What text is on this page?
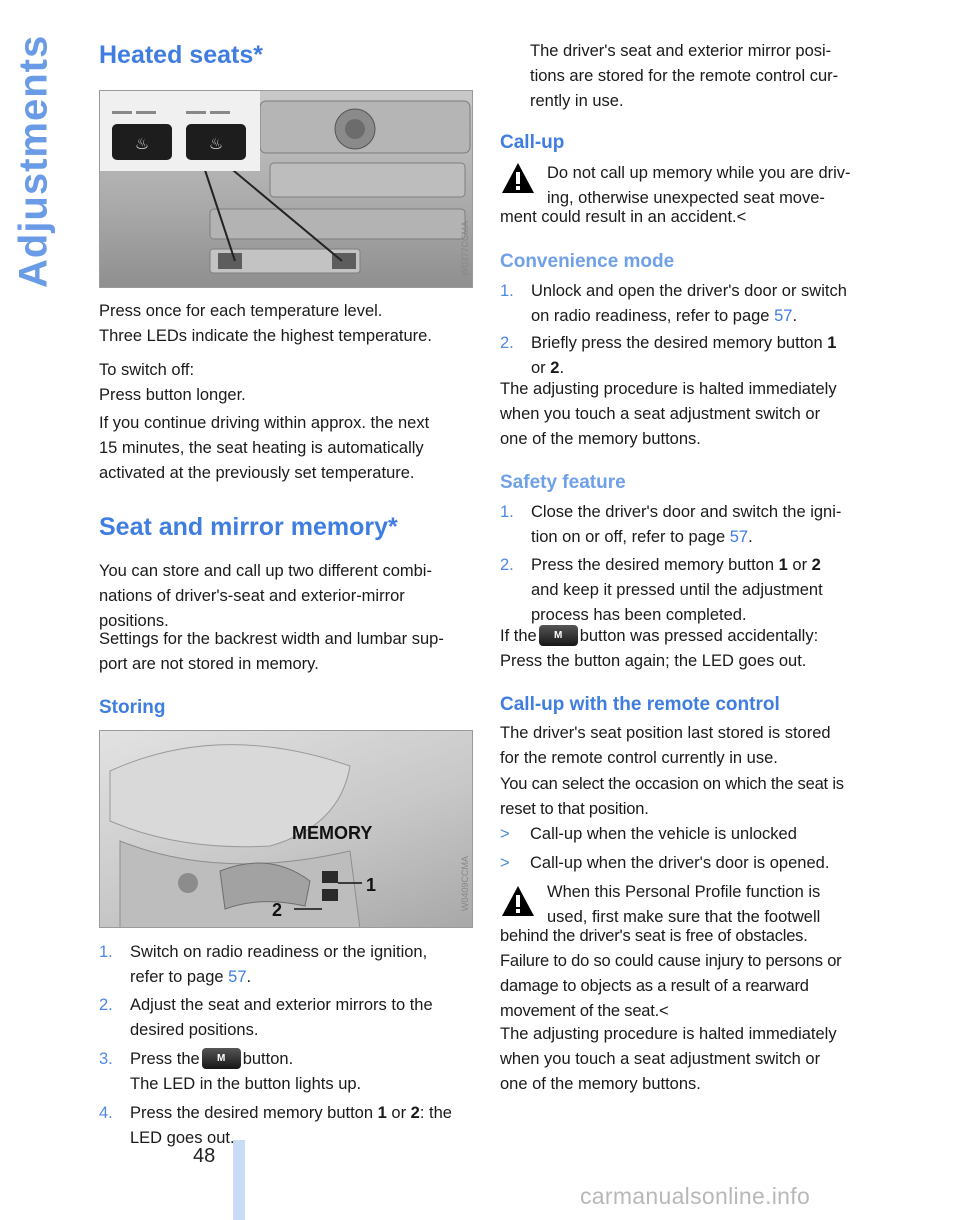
Adjustments
48
carmanualsonline.info
Heated seats*
♨	♨
W0377CCMA

Press once for each temperature level.
Three LEDs indicate the highest temperature.

To switch off:
Press button longer.

If you continue driving within approx. the next
15 minutes, the seat heating is automatically
activated at the previously set temperature.

Seat and mirror memory*

You can store and call up two different combi-
nations of driver's-seat and exterior-mirror
positions.

Settings for the backrest width and lumbar sup-
port are not stored in memory.

Storing
MEMORY
1
2	W0409CCMA
1. Switch on radio readiness or the ignition,
refer to page 57.
2. Adjust the seat and exterior mirrors to the
desired positions.
3. Press the M button.
The LED in the button lights up.
4. Press the desired memory button 1 or 2: the
LED goes out.

The driver's seat and exterior mirror posi-
tions are stored for the remote control cur-
rently in use.

Call-up

Do not call up memory while you are driv-
ing, otherwise unexpected seat move-

ment could result in an accident.<

Convenience mode
1. Unlock and open the driver's door or switch
on radio readiness, refer to page 57.
2. Briefly press the desired memory button 1
or 2.

The adjusting procedure is halted immediately
when you touch a seat adjustment switch or
one of the memory buttons.

Safety feature
1. Close the driver's door and switch the igni-
tion on or off, refer to page 57.
2. Press the desired memory button 1 or 2
and keep it pressed until the adjustment
process has been completed.

If the M button was pressed accidentally:
Press the button again; the LED goes out.

Call-up with the remote control

The driver's seat position last stored is stored
for the remote control currently in use.

You can select the occasion on which the seat is
reset to that position.

> Call-up when the vehicle is unlocked
> Call-up when the driver's door is opened.

When this Personal Profile function is
used, first make sure that the footwell

behind the driver's seat is free of obstacles.
Failure to do so could cause injury to persons or
damage to objects as a result of a rearward
movement of the seat.<

The adjusting procedure is halted immediately
when you touch a seat adjustment switch or
one of the memory buttons.
